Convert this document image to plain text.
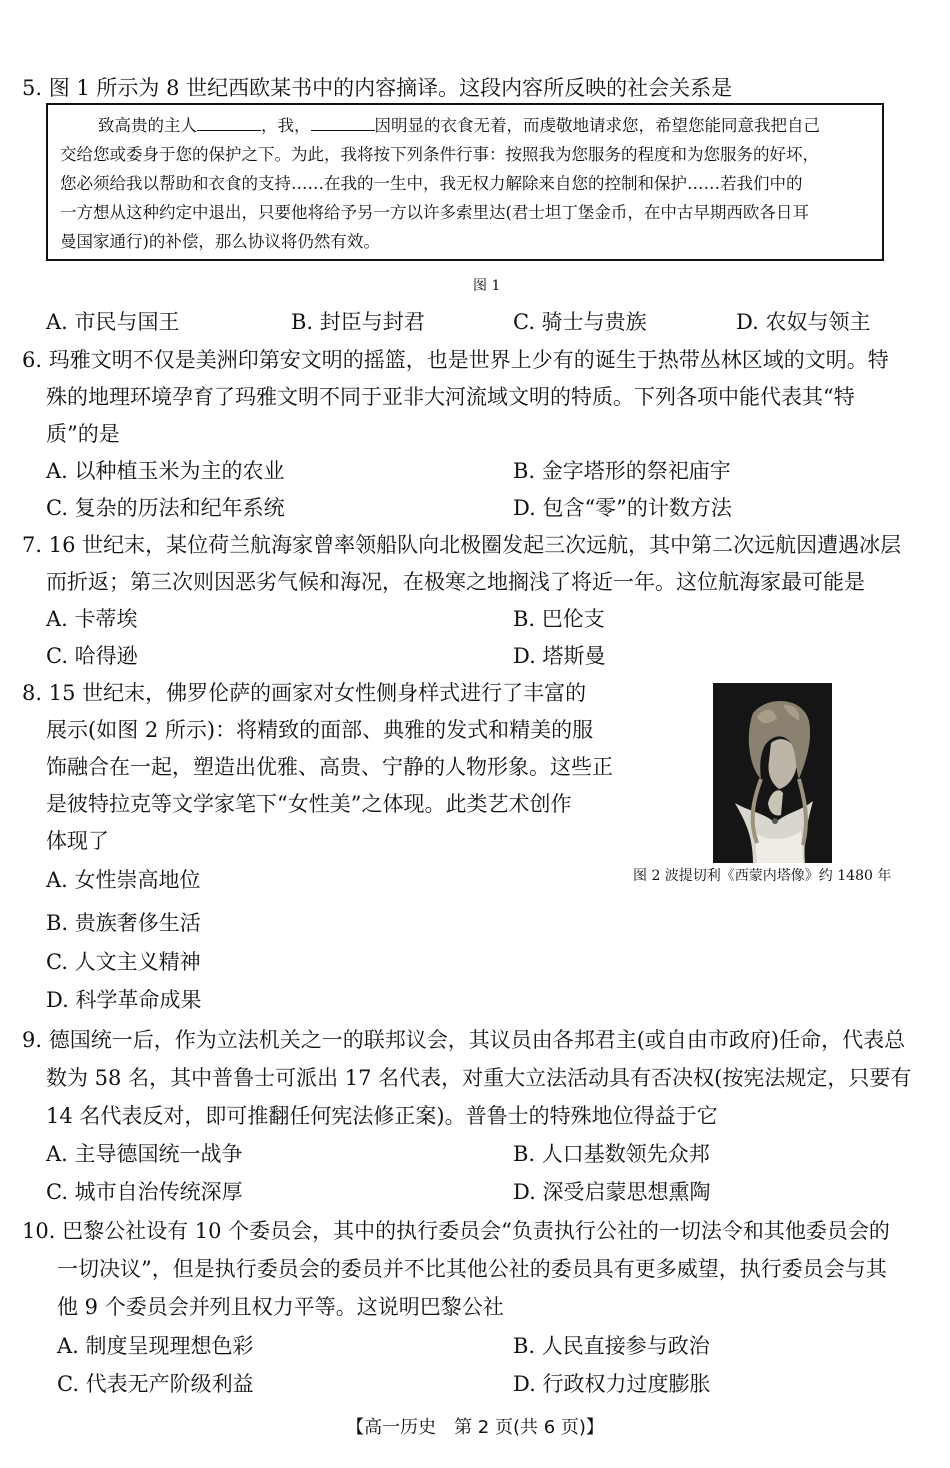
5. 图 1 所示为 8 世纪西欧某书中的内容摘译。这段内容所反映的社会关系是
致高贵的主人	，我，	因明显的衣食无着，而虔敬地请求您，希望您能同意我把自己
交给您或委身于您的保护之下。为此，我将按下列条件行事：按照我为您服务的程度和为您服务的好坏，
您必须给我以帮助和衣食的支持……在我的一生中，我无权力解除来自您的控制和保护……若我们中的
一方想从这种约定中退出，只要他将给予另一方以许多索里达(君士坦丁堡金币，在中古早期西欧各日耳
曼国家通行)的补偿，那么协议将仍然有效。
图 1
A. 市民与国王	B. 封臣与封君	C. 骑士与贵族	D. 农奴与领主
6. 玛雅文明不仅是美洲印第安文明的摇篮，也是世界上少有的诞生于热带丛林区域的文明。特
殊的地理环境孕育了玛雅文明不同于亚非大河流域文明的特质。下列各项中能代表其“特
质”的是
A. 以种植玉米为主的农业	B. 金字塔形的祭祀庙宇
C. 复杂的历法和纪年系统	D. 包含“零”的计数方法
7. 16 世纪末，某位荷兰航海家曾率领船队向北极圈发起三次远航，其中第二次远航因遭遇冰层
而折返；第三次则因恶劣气候和海况，在极寒之地搁浅了将近一年。这位航海家最可能是
A. 卡蒂埃	B. 巴伦支
C. 哈得逊	D. 塔斯曼
8. 15 世纪末，佛罗伦萨的画家对女性侧身样式进行了丰富的
展示(如图 2 所示)：将精致的面部、典雅的发式和精美的服
饰融合在一起，塑造出优雅、高贵、宁静的人物形象。这些正
是彼特拉克等文学家笔下“女性美”之体现。此类艺术创作
体现了
图 2 波提切利《西蒙内塔像》约 1480 年
A. 女性崇高地位
B. 贵族奢侈生活
C. 人文主义精神
D. 科学革命成果
9. 德国统一后，作为立法机关之一的联邦议会，其议员由各邦君主(或自由市政府)任命，代表总
数为 58 名，其中普鲁士可派出 17 名代表，对重大立法活动具有否决权(按宪法规定，只要有
14 名代表反对，即可推翻任何宪法修正案)。普鲁士的特殊地位得益于它
A. 主导德国统一战争	B. 人口基数领先众邦
C. 城市自治传统深厚	D. 深受启蒙思想熏陶
10. 巴黎公社设有 10 个委员会，其中的执行委员会“负责执行公社的一切法令和其他委员会的
一切决议”，但是执行委员会的委员并不比其他公社的委员具有更多威望，执行委员会与其
他 9 个委员会并列且权力平等。这说明巴黎公社
A. 制度呈现理想色彩	B. 人民直接参与政治
C. 代表无产阶级利益	D. 行政权力过度膨胀
【高一历史　第 2 页(共 6 页)】
